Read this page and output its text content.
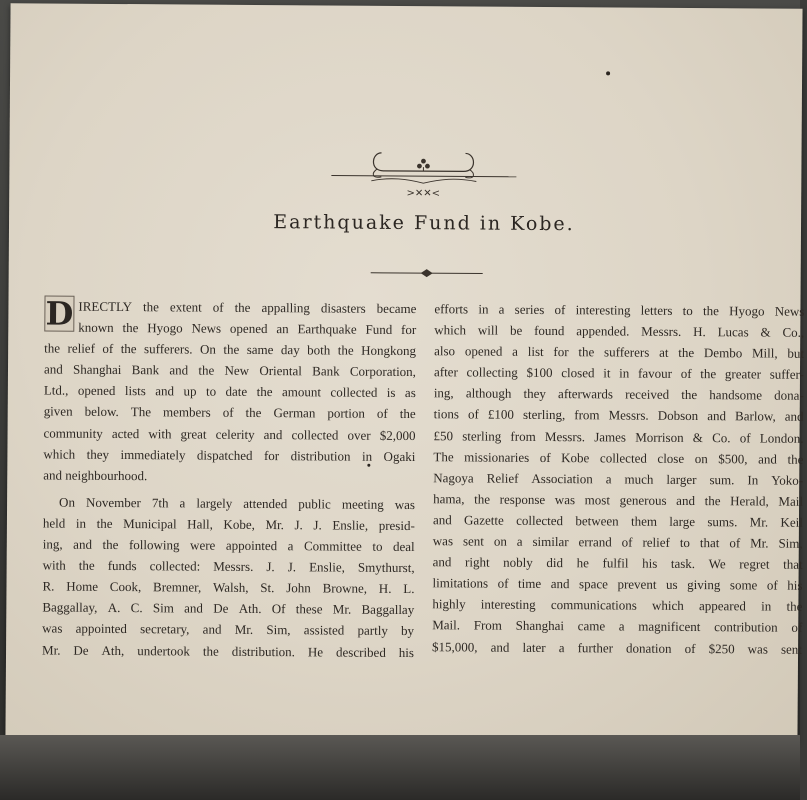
>✕✕<
Earthquake Fund in Kobe.
D IRECTLY the extent of the appalling disasters became
known the Hyogo News opened an Earthquake Fund for
the relief of the sufferers. On the same day both the Hongkong
and Shanghai Bank and the New Oriental Bank Corporation,
Ltd., opened lists and up to date the amount collected is as
given below. The members of the German portion of the
community acted with great celerity and collected over $2,000
which they immediately dispatched for distribution in Ogaki
and neighbourhood.
On November 7th a largely attended public meeting was
held in the Municipal Hall, Kobe, Mr. J. J. Enslie, presid-
ing, and the following were appointed a Committee to deal
with the funds collected: Messrs. J. J. Enslie, Smythurst,
R. Home Cook, Bremner, Walsh, St. John Browne, H. L.
Baggallay, A. C. Sim and De Ath. Of these Mr. Baggallay
was appointed secretary, and Mr. Sim, assisted partly by
Mr. De Ath, undertook the distribution. He described his
efforts in a series of interesting letters to the Hyogo News
which will be found appended. Messrs. H. Lucas & Co.,
also opened a list for the sufferers at the Dembo Mill, but
after collecting $100 closed it in favour of the greater suffer-
ing, although they afterwards received the handsome dona-
tions of £100 sterling, from Messrs. Dobson and Barlow, and
£50 sterling from Messrs. James Morrison & Co. of London.
The missionaries of Kobe collected close on $500, and the
Nagoya Relief Association a much larger sum. In Yoko-
hama, the response was most generous and the Herald, Mail
and Gazette collected between them large sums. Mr. Keil
was sent on a similar errand of relief to that of Mr. Sim,
and right nobly did he fulfil his task. We regret that
limitations of time and space prevent us giving some of his
highly interesting communications which appeared in the
Mail. From Shanghai came a magnificent contribution of
$15,000, and later a further donation of $250 was sent
